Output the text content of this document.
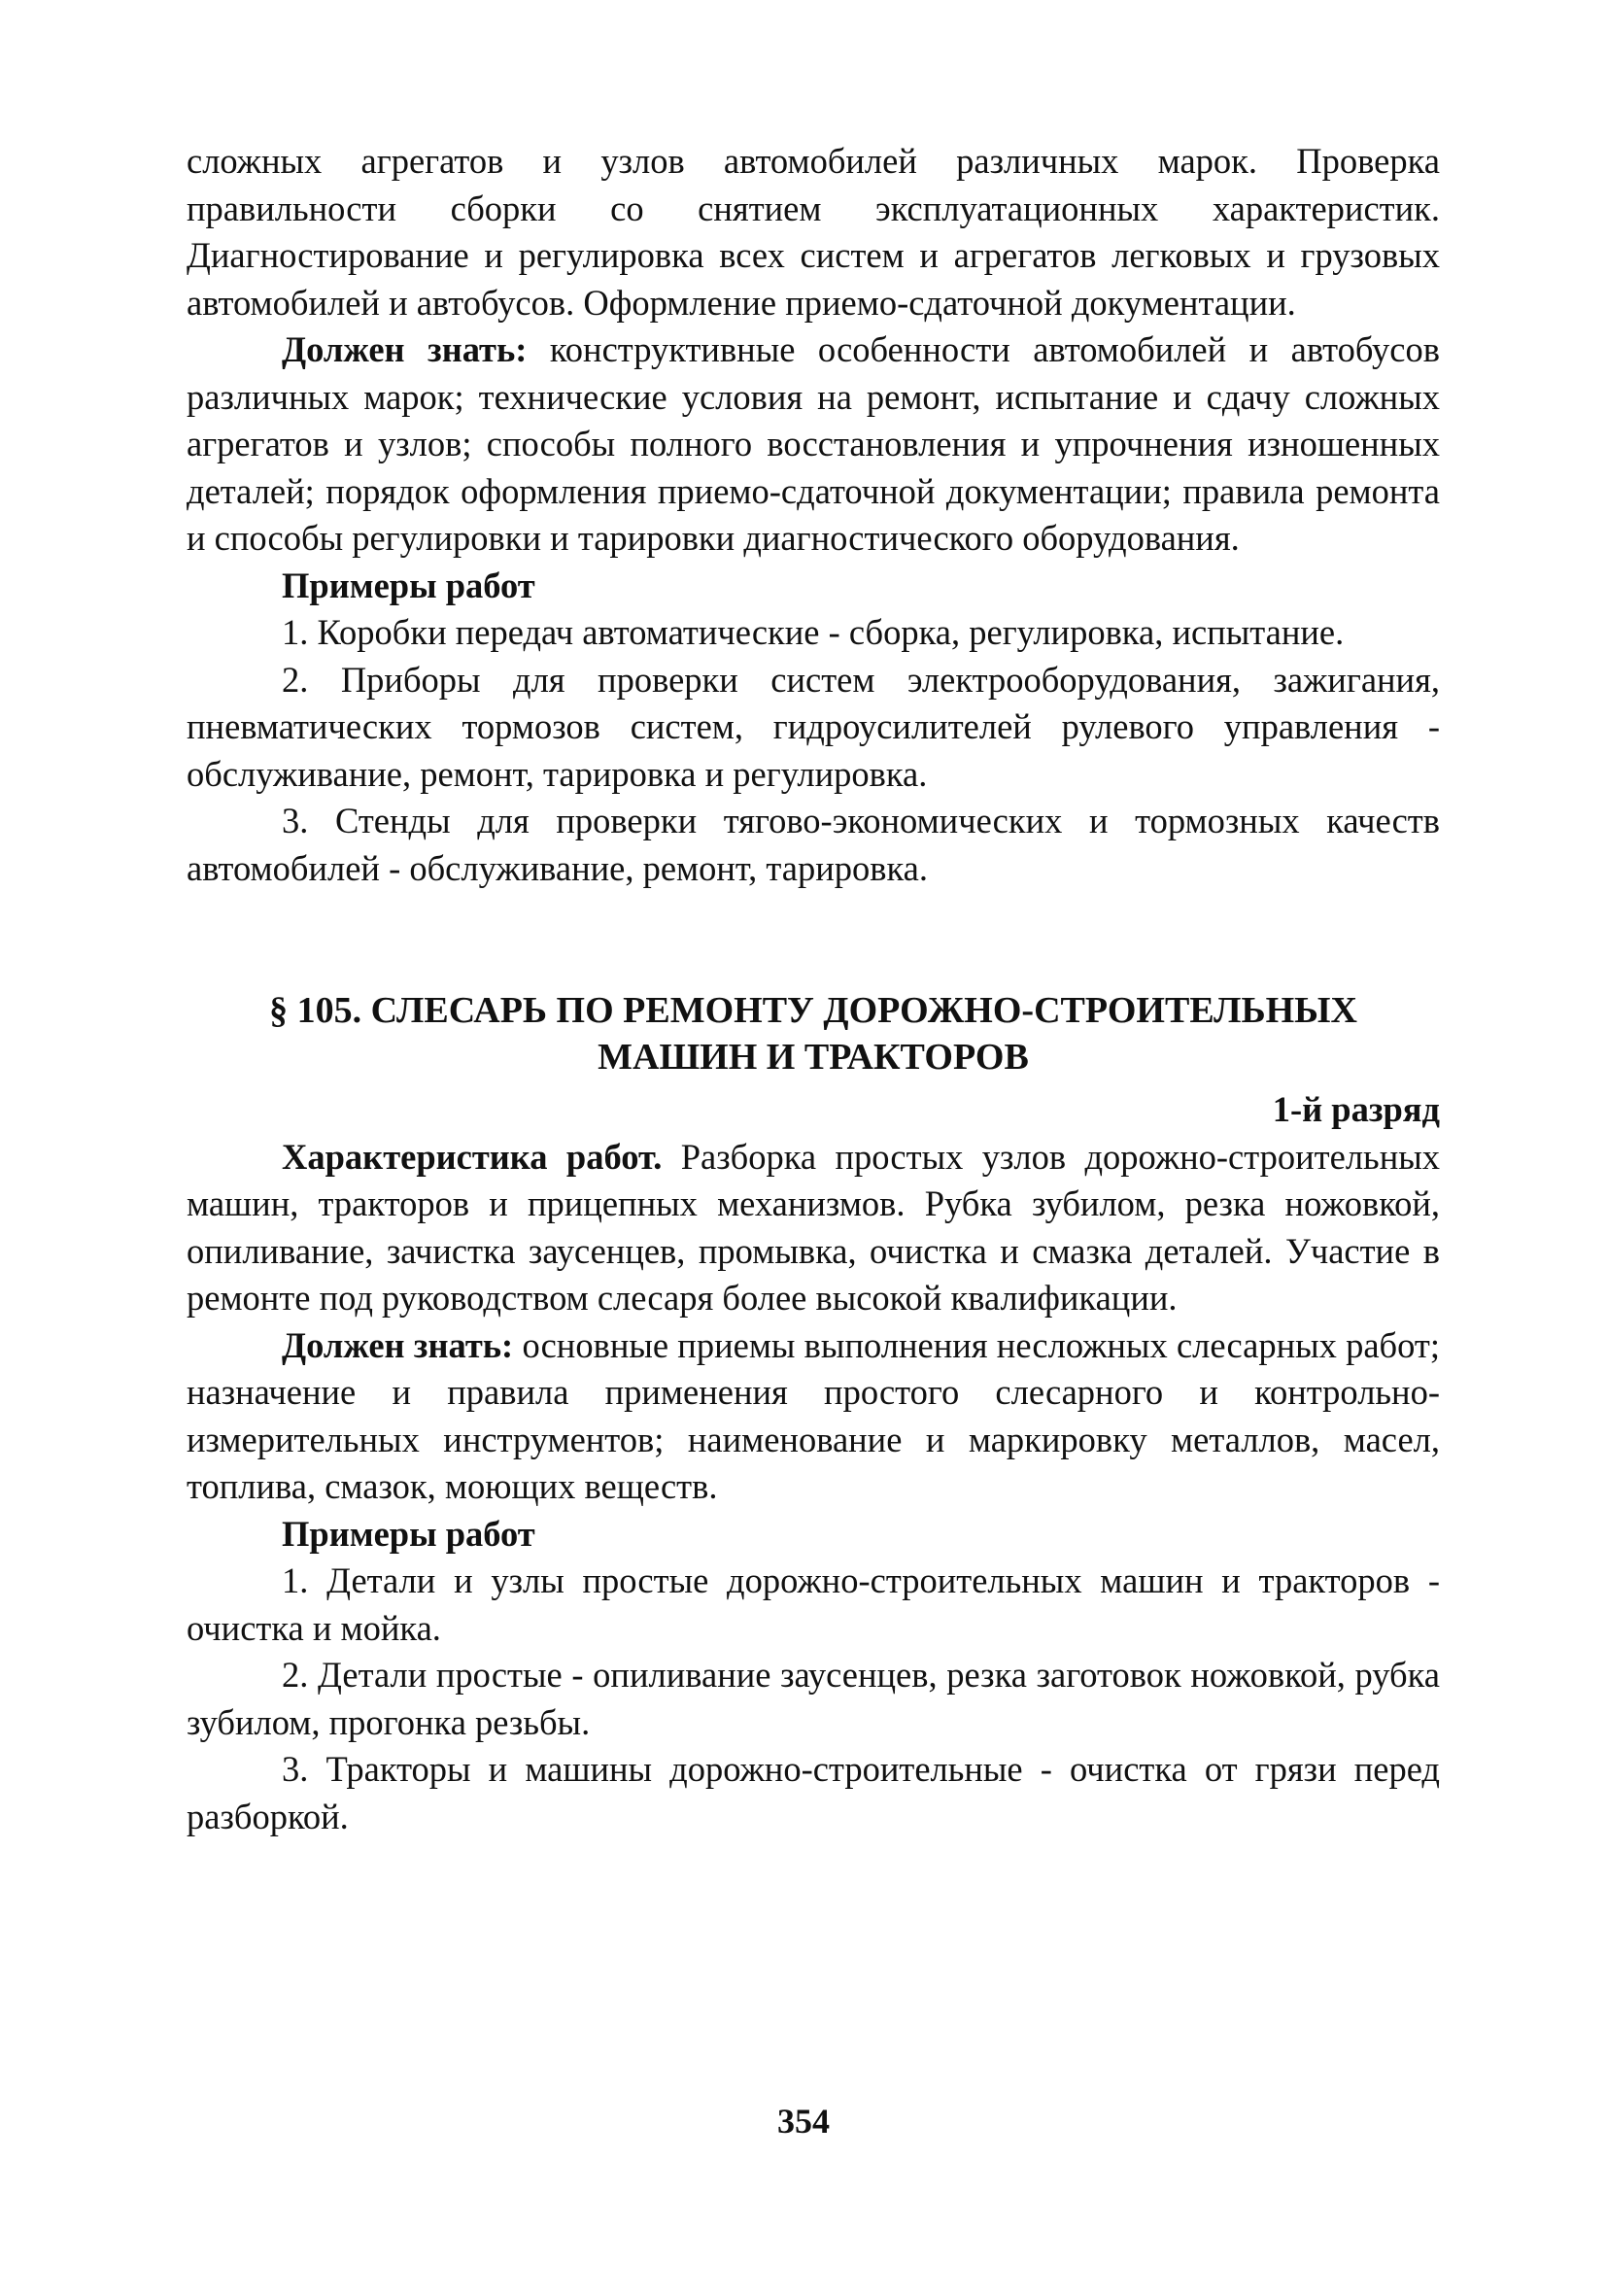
сложных агрегатов и узлов автомобилей различных марок. Проверка правильности сборки со снятием эксплуатационных характеристик. Диагностирование и регулировка всех систем и агрегатов легковых и грузовых автомобилей и автобусов. Оформление приемо-сдаточной документации.

Должен знать: конструктивные особенности автомобилей и автобусов различных марок; технические условия на ремонт, испытание и сдачу сложных агрегатов и узлов; способы полного восстановления и упрочнения изношенных деталей; порядок оформления приемо-сдаточной документации; правила ремонта и способы регулировки и тарировки диагностического оборудования.

Примеры работ

1. Коробки передач автоматические - сборка, регулировка, испытание.

2. Приборы для проверки систем электрооборудования, зажигания, пневматических тормозов систем, гидроусилителей рулевого управления - обслуживание, ремонт, тарировка и регулировка.

3. Стенды для проверки тягово-экономических и тормозных качеств автомобилей - обслуживание, ремонт, тарировка.

§ 105. СЛЕСАРЬ ПО РЕМОНТУ ДОРОЖНО-СТРОИТЕЛЬНЫХ
МАШИН И ТРАКТОРОВ
1-й разряд

Характеристика работ. Разборка простых узлов дорожно-строительных машин, тракторов и прицепных механизмов. Рубка зубилом, резка ножовкой, опиливание, зачистка заусенцев, промывка, очистка и смазка деталей. Участие в ремонте под руководством слесаря более высокой квалификации.

Должен знать: основные приемы выполнения несложных слесарных работ; назначение и правила применения простого слесарного и контрольно-измерительных инструментов; наименование и маркировку металлов, масел, топлива, смазок, моющих веществ.

Примеры работ

1. Детали и узлы простые дорожно-строительных машин и тракторов - очистка и мойка.

2. Детали простые - опиливание заусенцев, резка заготовок ножовкой, рубка зубилом, прогонка резьбы.

3. Тракторы и машины дорожно-строительные - очистка от грязи перед разборкой.

354
